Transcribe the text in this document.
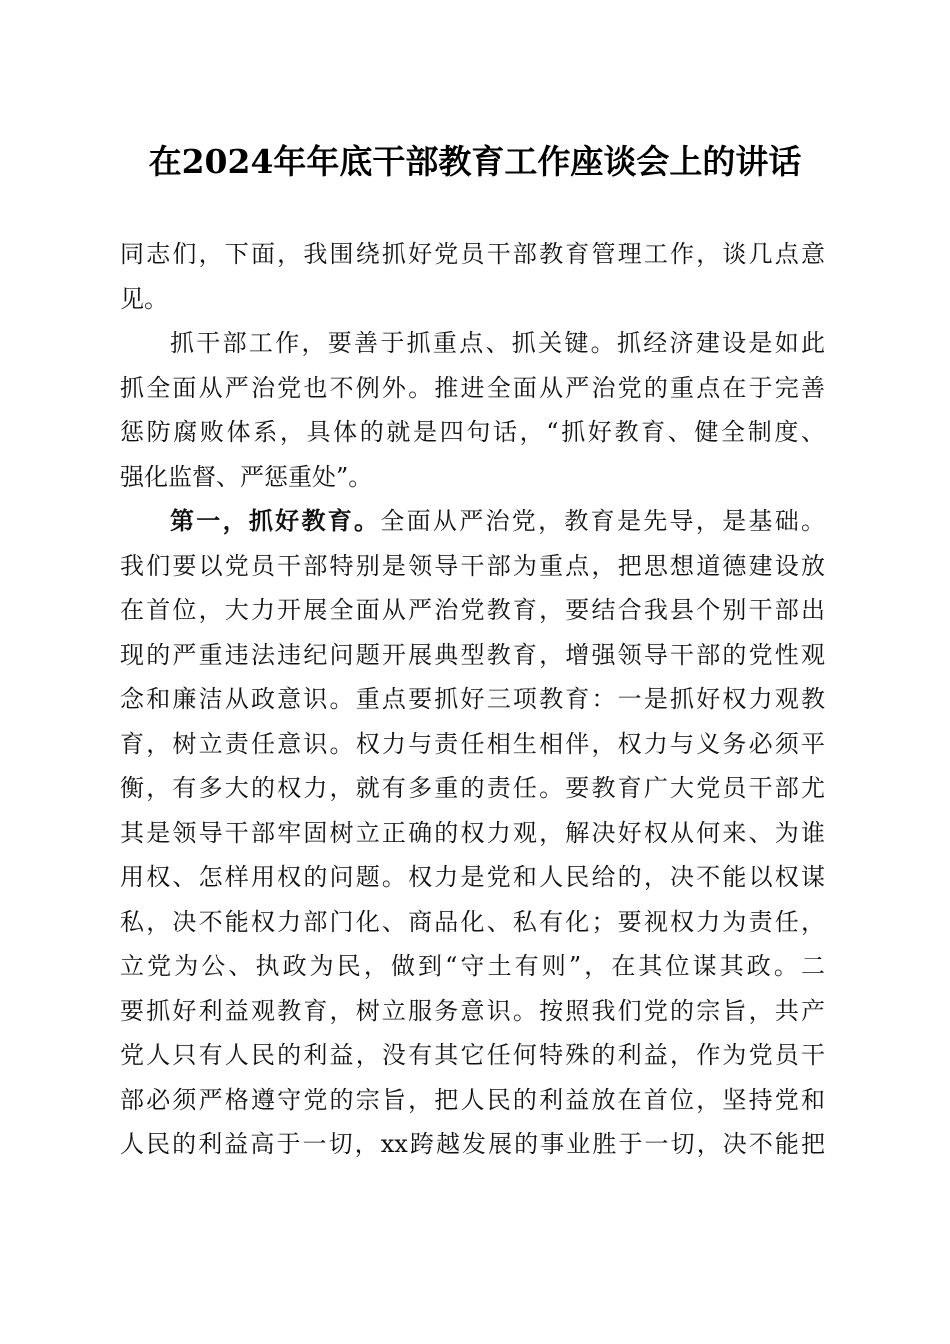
在2024年年底干部教育工作座谈会上的讲话
同志们，下面，我围绕抓好党员干部教育管理工作，谈几点意
见。
抓干部工作，要善于抓重点、抓关键。抓经济建设是如此
抓全面从严治党也不例外。推进全面从严治党的重点在于完善
惩防腐败体系，具体的就是四句话，“抓好教育、健全制度、
强化监督、严惩重处”。
第一，抓好教育。全面从严治党，教育是先导，是基础。
我们要以党员干部特别是领导干部为重点，把思想道德建设放
在首位，大力开展全面从严治党教育，要结合我县个别干部出
现的严重违法违纪问题开展典型教育，增强领导干部的党性观
念和廉洁从政意识。重点要抓好三项教育：一是抓好权力观教
育，树立责任意识。权力与责任相生相伴，权力与义务必须平
衡，有多大的权力，就有多重的责任。要教育广大党员干部尤
其是领导干部牢固树立正确的权力观，解决好权从何来、为谁
用权、怎样用权的问题。权力是党和人民给的，决不能以权谋
私，决不能权力部门化、商品化、私有化；要视权力为责任，
立党为公、执政为民，做到“守土有则”，在其位谋其政。二
要抓好利益观教育，树立服务意识。按照我们党的宗旨，共产
党人只有人民的利益，没有其它任何特殊的利益，作为党员干
部必须严格遵守党的宗旨，把人民的利益放在首位，坚持党和
人民的利益高于一切，xx跨越发展的事业胜于一切，决不能把
